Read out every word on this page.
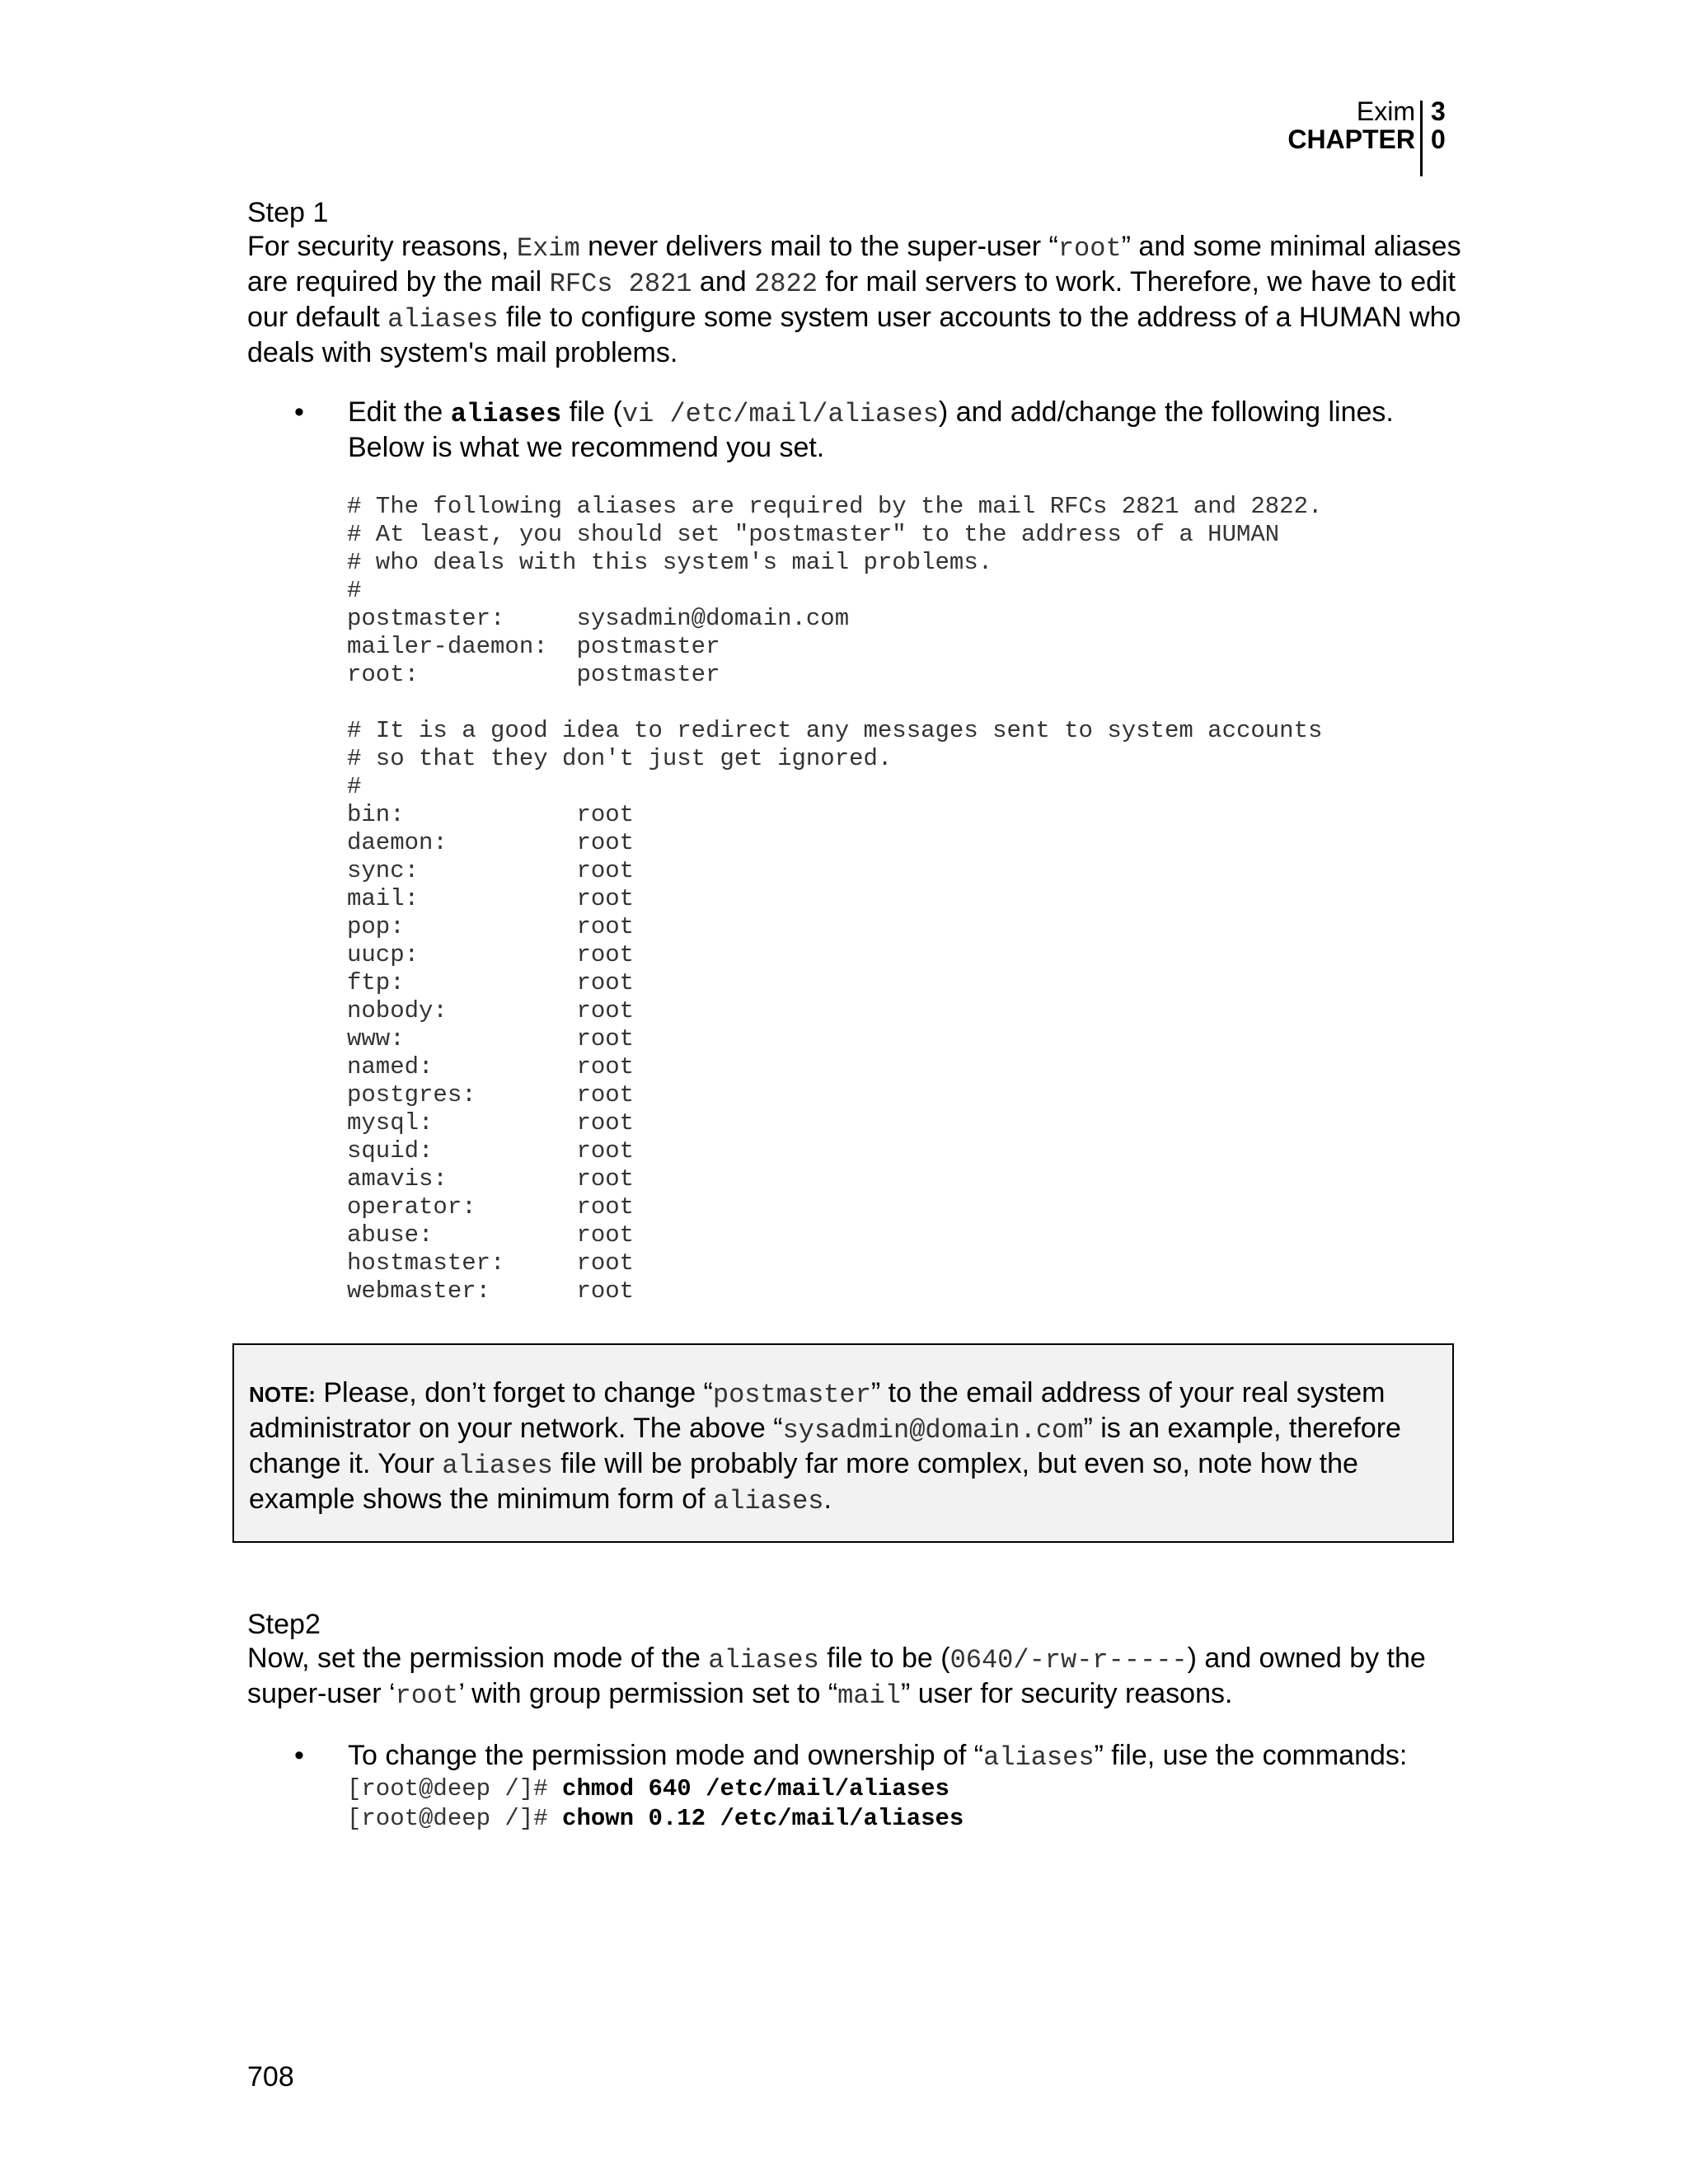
Exim
CHAPTER
3
0
Step 1
For security reasons, Exim never delivers mail to the super-user “root” and some minimal aliases are required by the mail RFCs 2821 and 2822 for mail servers to work. Therefore, we have to edit our default aliases file to configure some system user accounts to the address of a HUMAN who deals with system's mail problems.
• Edit the aliases file (vi /etc/mail/aliases) and add/change the following lines. Below is what we recommend you set.
# The following aliases are required by the mail RFCs 2821 and 2822.
# At least, you should set "postmaster" to the address of a HUMAN
# who deals with this system's mail problems.
#
postmaster:     sysadmin@domain.com
mailer-daemon:  postmaster
root:           postmaster

# It is a good idea to redirect any messages sent to system accounts
# so that they don't just get ignored.
#
bin:            root
daemon:         root
sync:           root
mail:           root
pop:            root
uucp:           root
ftp:            root
nobody:         root
www:            root
named:          root
postgres:       root
mysql:          root
squid:          root
amavis:         root
operator:       root
abuse:          root
hostmaster:     root
webmaster:      root
NOTE: Please, don’t forget to change “postmaster” to the email address of your real system administrator on your network. The above “sysadmin@domain.com” is an example, therefore change it. Your aliases file will be probably far more complex, but even so, note how the example shows the minimum form of aliases.
Step2
Now, set the permission mode of the aliases file to be (0640/-rw-r-----) and owned by the super-user ‘root’ with group permission set to “mail” user for security reasons.
• To change the permission mode and ownership of “aliases” file, use the commands:
[root@deep /]# chmod 640 /etc/mail/aliases
[root@deep /]# chown 0.12 /etc/mail/aliases
708
